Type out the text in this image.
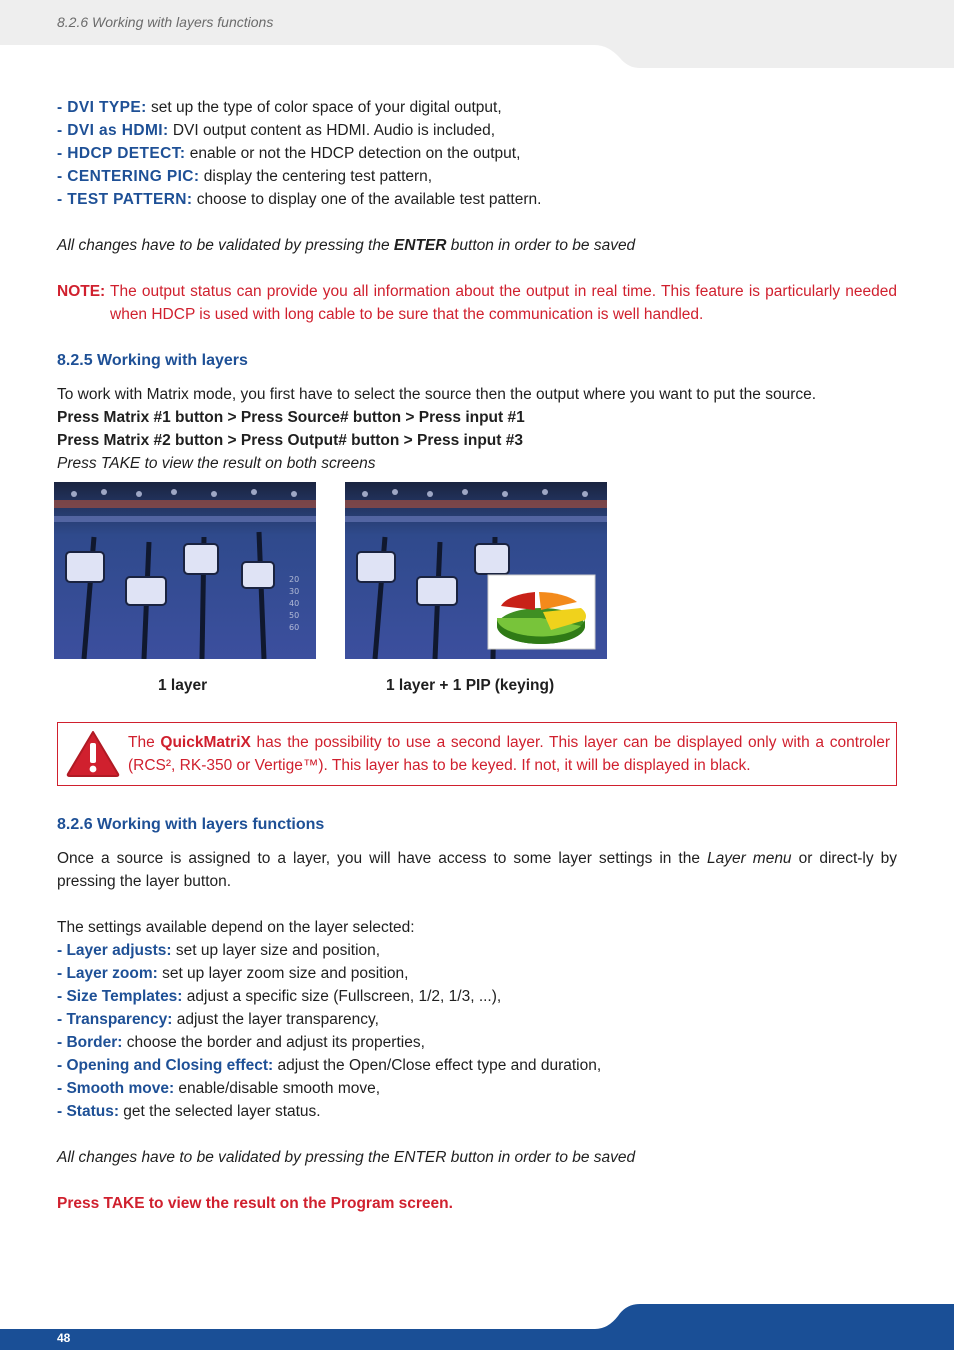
8.2.6 Working with layers functions

- DVI TYPE: set up the type of color space of your digital output,

- DVI as HDMI: DVI output content as HDMI. Audio is included,

- HDCP DETECT: enable or not the HDCP detection on the output,

- CENTERING PIC: display the centering test pattern,

- TEST PATTERN: choose to display one of the available test pattern.

All changes have to be validated by pressing the ENTER button in order to be saved

NOTE: The output status can provide you all information about the output in real time. This feature is particularly needed when HDCP is used with long cable to be sure that the communication is well handled.

8.2.5 Working with layers

To work with Matrix mode, you first have to select the source then the output where you want to put the source.

Press Matrix #1 button > Press Source# button > Press input #1

Press Matrix #2 button > Press Output# button > Press input #3

Press TAKE to view the result on both screens

20
30
40
50
60
1 layer	1 layer + 1 PIP (keying)
The QuickMatriX has the possibility to use a second layer. This layer can be displayed only with a controler (RCS², RK-350 or Vertige™). This layer has to be keyed. If not, it will be displayed in black.

8.2.6 Working with layers functions

Once a source is assigned to a layer, you will have access to some layer settings in the Layer menu or direct-ly by pressing the layer button.

The settings available depend on the layer selected:

- Layer adjusts: set up layer size and position,

- Layer zoom: set up layer zoom size and position,

- Size Templates: adjust a specific size (Fullscreen, 1/2, 1/3, ...),

- Transparency: adjust the layer transparency,

- Border: choose the border and adjust its properties,

- Opening and Closing effect: adjust the Open/Close effect type and duration,

- Smooth move: enable/disable smooth move,

- Status: get the selected layer status.

All changes have to be validated by pressing the ENTER button in order to be saved

Press TAKE to view the result on the Program screen.

48
